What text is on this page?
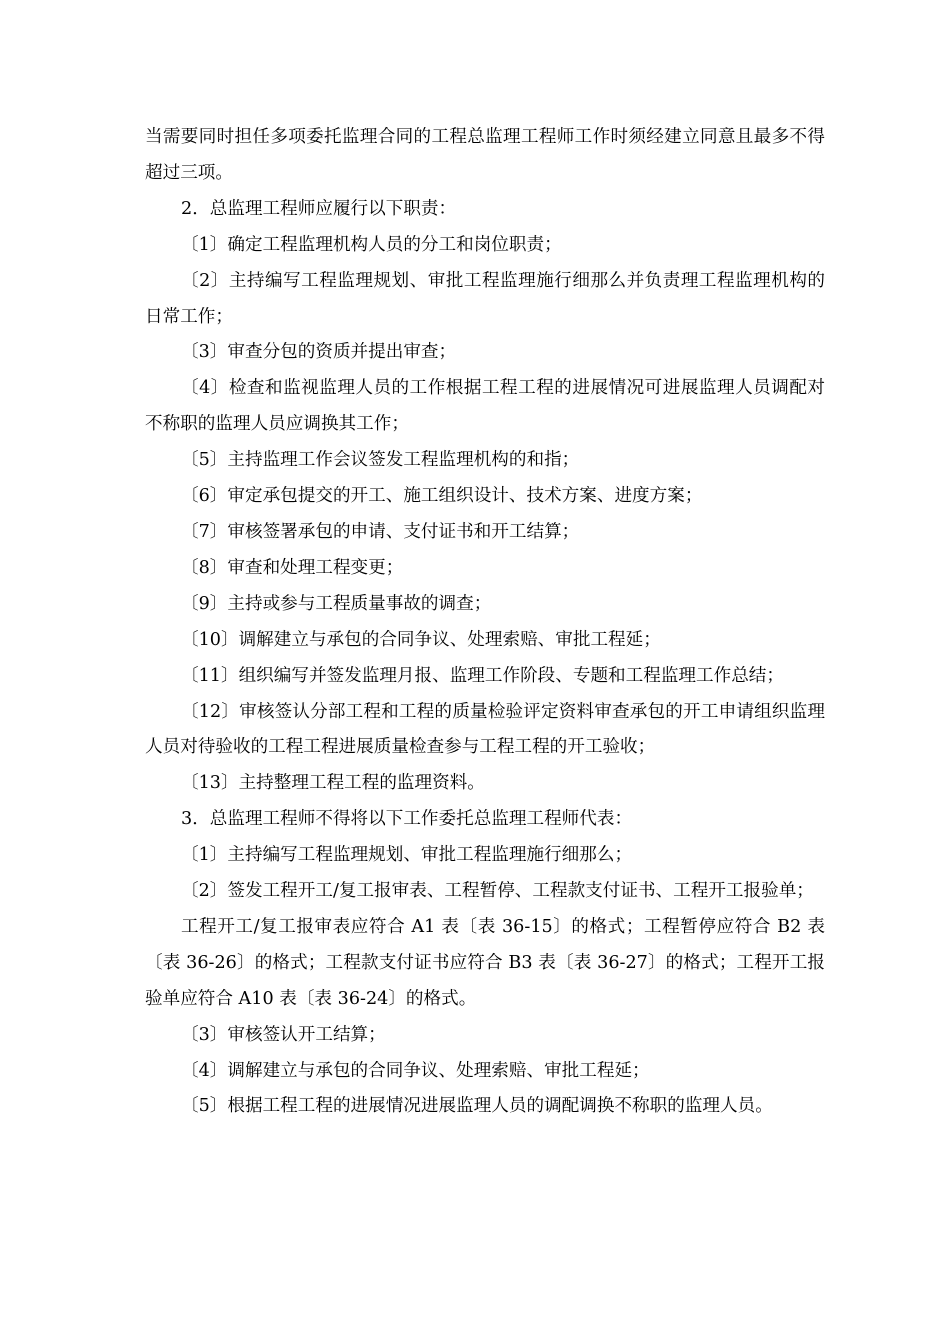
当需要同时担任多项委托监理合同的工程总监理工程师工作时须经建立同意且最多不得超过三项。

2．总监理工程师应履行以下职责：

〔1〕确定工程监理机构人员的分工和岗位职责；

〔2〕主持编写工程监理规划、审批工程监理施行细那么并负责理工程监理机构的日常工作；

〔3〕审查分包的资质并提出审查；

〔4〕检查和监视监理人员的工作根据工程工程的进展情况可进展监理人员调配对不称职的监理人员应调换其工作；

〔5〕主持监理工作会议签发工程监理机构的和指；

〔6〕审定承包提交的开工、施工组织设计、技术方案、进度方案；

〔7〕审核签署承包的申请、支付证书和开工结算；

〔8〕审查和处理工程变更；

〔9〕主持或参与工程质量事故的调查；

〔10〕调解建立与承包的合同争议、处理索赔、审批工程延；

〔11〕组织编写并签发监理月报、监理工作阶段、专题和工程监理工作总结；

〔12〕审核签认分部工程和工程的质量检验评定资料审查承包的开工申请组织监理人员对待验收的工程工程进展质量检查参与工程工程的开工验收；

〔13〕主持整理工程工程的监理资料。

3．总监理工程师不得将以下工作委托总监理工程师代表：

〔1〕主持编写工程监理规划、审批工程监理施行细那么；

〔2〕签发工程开工/复工报审表、工程暂停、工程款支付证书、工程开工报验单；

工程开工/复工报审表应符合 A1 表〔表 36-15〕的格式；工程暂停应符合 B2 表〔表 36-26〕的格式；工程款支付证书应符合 B3 表〔表 36-27〕的格式；工程开工报验单应符合 A10 表〔表 36-24〕的格式。

〔3〕审核签认开工结算；

〔4〕调解建立与承包的合同争议、处理索赔、审批工程延；

〔5〕根据工程工程的进展情况进展监理人员的调配调换不称职的监理人员。
